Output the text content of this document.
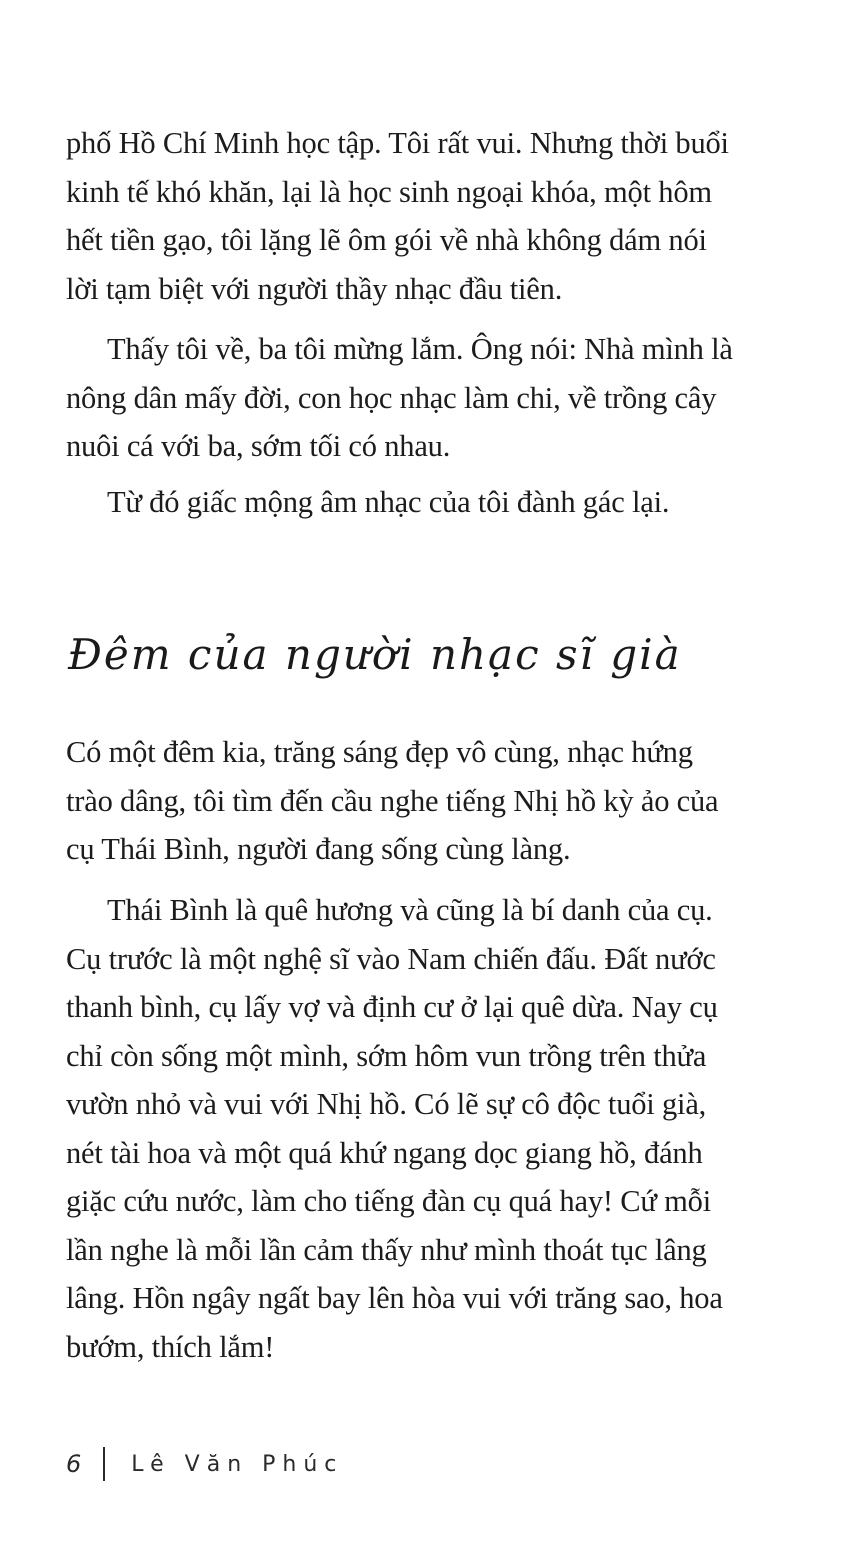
phố Hồ Chí Minh học tập. Tôi rất vui. Nhưng thời buổi
kinh tế khó khăn, lại là học sinh ngoại khóa, một hôm
hết tiền gạo, tôi lặng lẽ ôm gói về nhà không dám nói
lời tạm biệt với người thầy nhạc đầu tiên.

Thấy tôi về, ba tôi mừng lắm. Ông nói: Nhà mình là
nông dân mấy đời, con học nhạc làm chi, về trồng cây
nuôi cá với ba, sớm tối có nhau.

Từ đó giấc mộng âm nhạc của tôi đành gác lại.

Đêm của người nhạc sĩ già

Có một đêm kia, trăng sáng đẹp vô cùng, nhạc hứng
trào dâng, tôi tìm đến cầu nghe tiếng Nhị hồ kỳ ảo của
cụ Thái Bình, người đang sống cùng làng.

Thái Bình là quê hương và cũng là bí danh của cụ.
Cụ trước là một nghệ sĩ vào Nam chiến đấu. Đất nước
thanh bình, cụ lấy vợ và định cư ở lại quê dừa. Nay cụ
chỉ còn sống một mình, sớm hôm vun trồng trên thửa
vườn nhỏ và vui với Nhị hồ. Có lẽ sự cô độc tuổi già,
nét tài hoa và một quá khứ ngang dọc giang hồ, đánh
giặc cứu nước, làm cho tiếng đàn cụ quá hay! Cứ mỗi
lần nghe là mỗi lần cảm thấy như mình thoát tục lâng
lâng. Hồn ngây ngất bay lên hòa vui với trăng sao, hoa
bướm, thích lắm!

6 Lê Văn Phúc
